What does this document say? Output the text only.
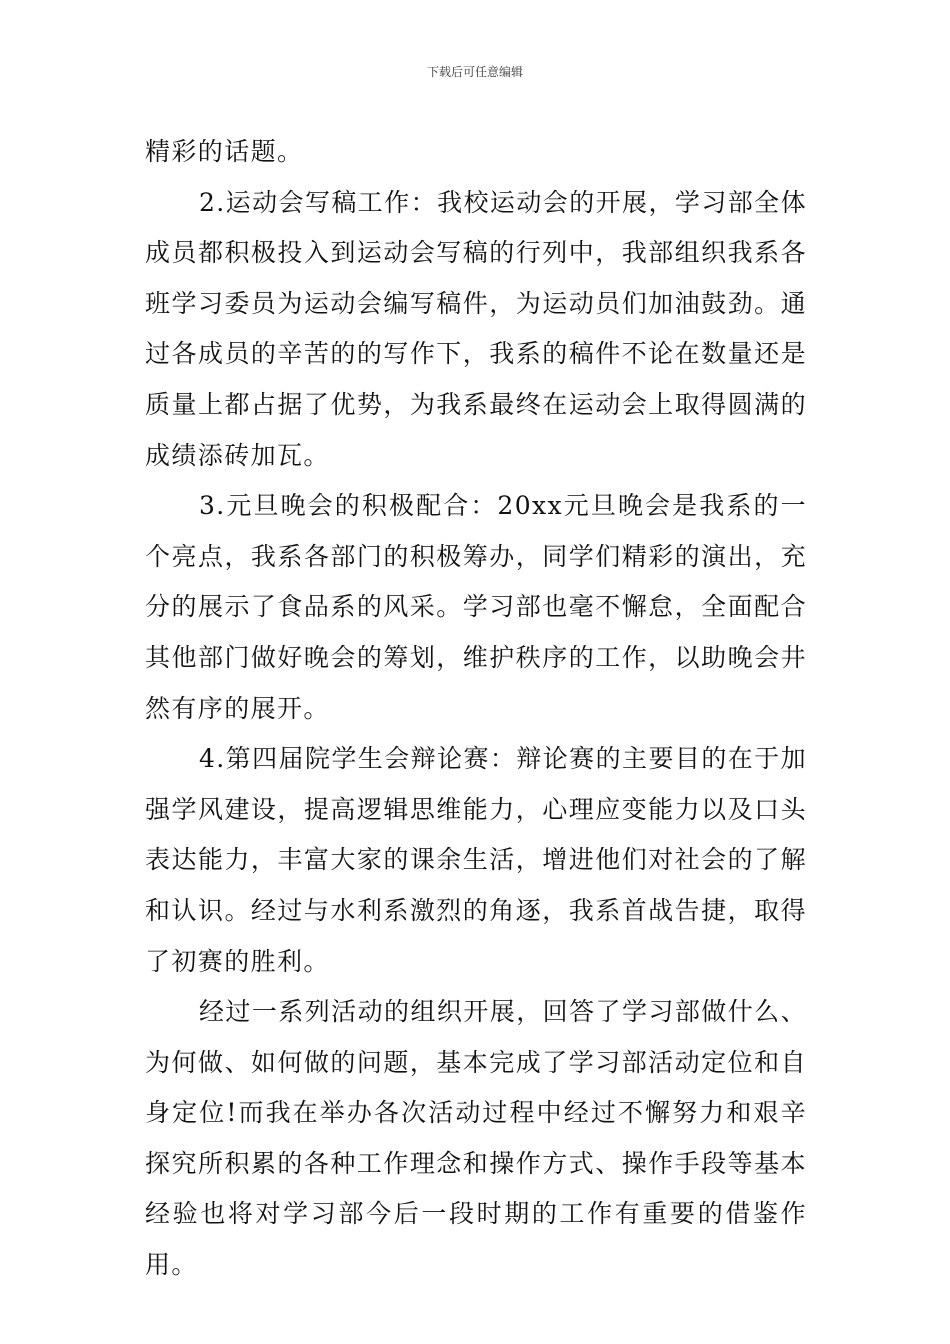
下载后可任意编辑

精彩的话题。

2.运动会写稿工作：我校运动会的开展，学习部全体成员都积极投入到运动会写稿的行列中，我部组织我系各班学习委员为运动会编写稿件，为运动员们加油鼓劲。通过各成员的辛苦的的写作下，我系的稿件不论在数量还是质量上都占据了优势，为我系最终在运动会上取得圆满的成绩添砖加瓦。

3.元旦晚会的积极配合：20xx元旦晚会是我系的一个亮点，我系各部门的积极筹办，同学们精彩的演出，充分的展示了食品系的风采。学习部也毫不懈怠，全面配合其他部门做好晚会的筹划，维护秩序的工作，以助晚会井然有序的展开。

4.第四届院学生会辩论赛：辩论赛的主要目的在于加强学风建设，提高逻辑思维能力，心理应变能力以及口头表达能力，丰富大家的课余生活，增进他们对社会的了解和认识。经过与水利系激烈的角逐，我系首战告捷，取得了初赛的胜利。

经过一系列活动的组织开展，回答了学习部做什么、为何做、如何做的问题，基本完成了学习部活动定位和自身定位!而我在举办各次活动过程中经过不懈努力和艰辛探究所积累的各种工作理念和操作方式、操作手段等基本经验也将对学习部今后一段时期的工作有重要的借鉴作用。
